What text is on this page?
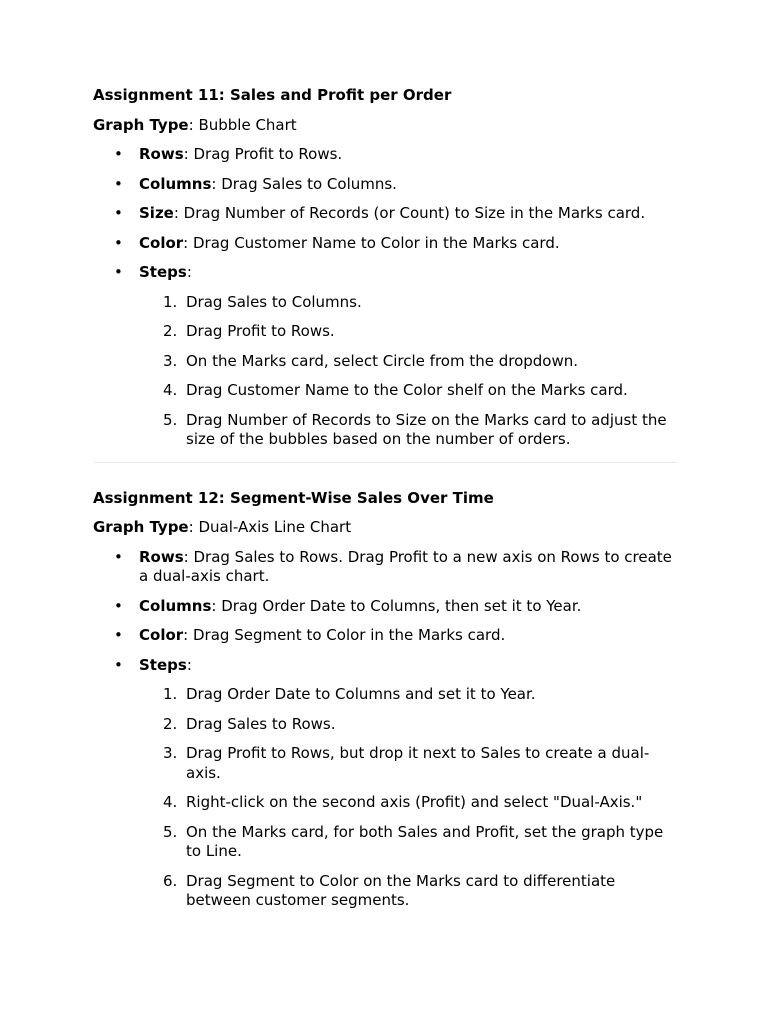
Assignment 11: Sales and Profit per Order
Graph Type: Bubble Chart
• Rows: Drag Profit to Rows.
• Columns: Drag Sales to Columns.
• Size: Drag Number of Records (or Count) to Size in the Marks card.
• Color: Drag Customer Name to Color in the Marks card.
• Steps:
1. Drag Sales to Columns.
2. Drag Profit to Rows.
3. On the Marks card, select Circle from the dropdown.
4. Drag Customer Name to the Color shelf on the Marks card.
5. Drag Number of Records to Size on the Marks card to adjust the size of the bubbles based on the number of orders.
Assignment 12: Segment-Wise Sales Over Time
Graph Type: Dual-Axis Line Chart
• Rows: Drag Sales to Rows. Drag Profit to a new axis on Rows to create a dual-axis chart.
• Columns: Drag Order Date to Columns, then set it to Year.
• Color: Drag Segment to Color in the Marks card.
• Steps:
1. Drag Order Date to Columns and set it to Year.
2. Drag Sales to Rows.
3. Drag Profit to Rows, but drop it next to Sales to create a dual-axis.
4. Right-click on the second axis (Profit) and select "Dual-Axis."
5. On the Marks card, for both Sales and Profit, set the graph type to Line.
6. Drag Segment to Color on the Marks card to differentiate between customer segments.
